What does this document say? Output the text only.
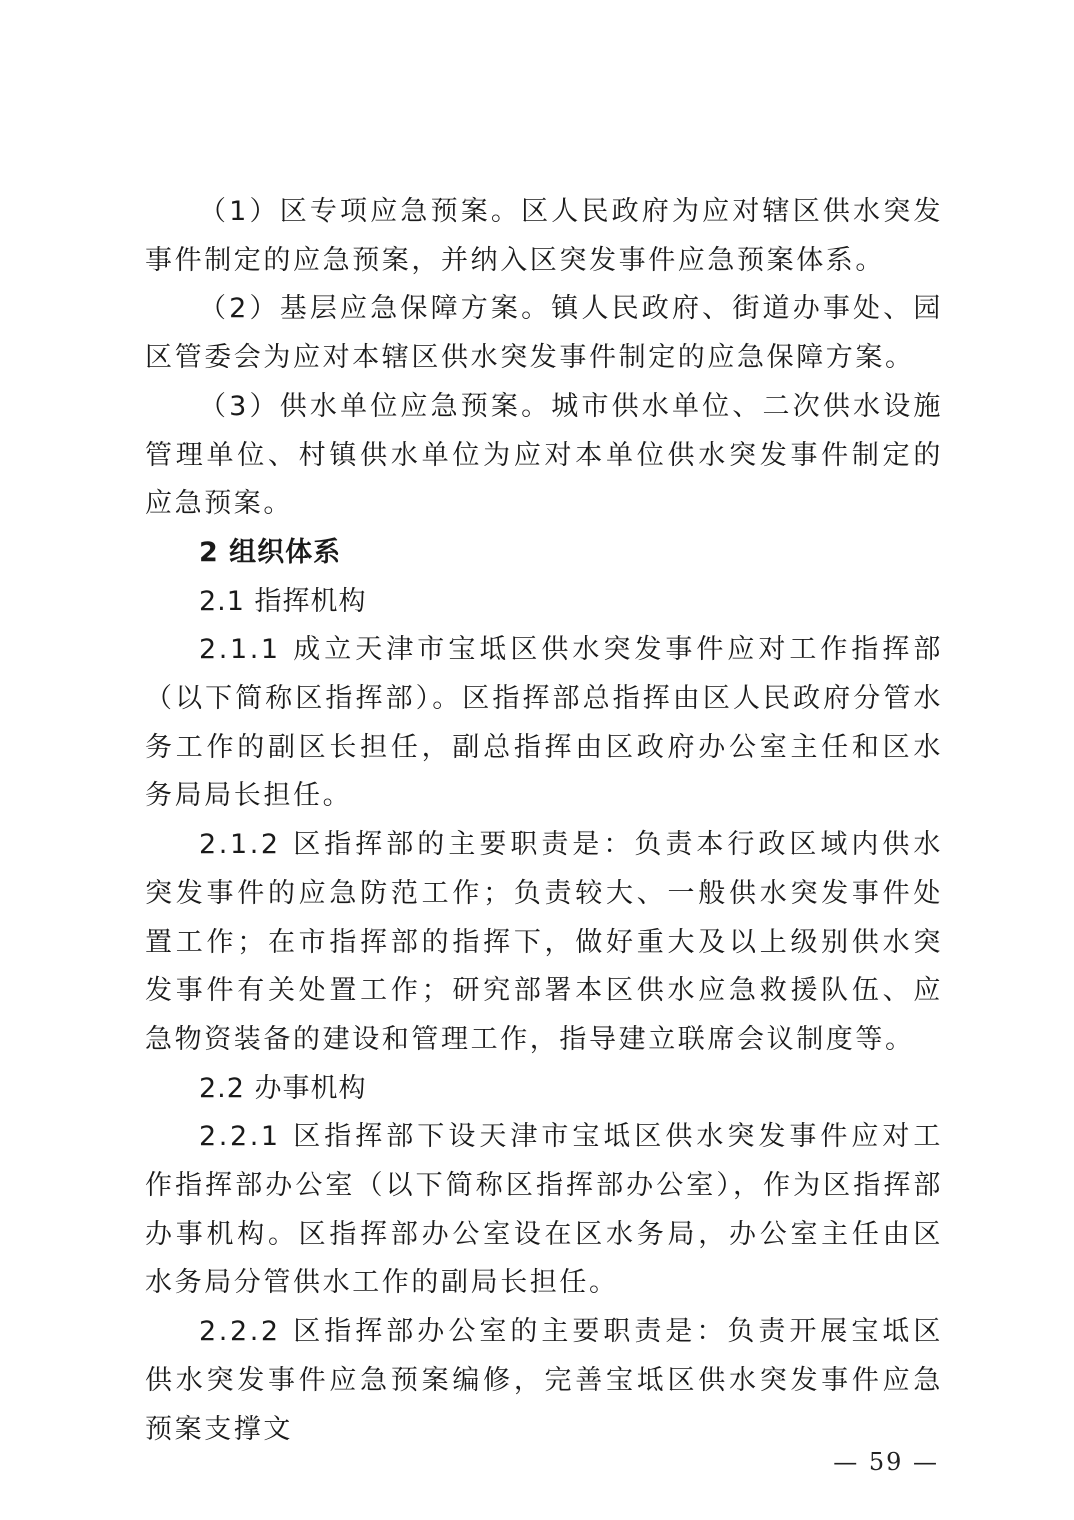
（1）区专项应急预案。区人民政府为应对辖区供水突发事件制定的应急预案，并纳入区突发事件应急预案体系。

（2）基层应急保障方案。镇人民政府、街道办事处、园区管委会为应对本辖区供水突发事件制定的应急保障方案。

（3）供水单位应急预案。城市供水单位、二次供水设施管理单位、村镇供水单位为应对本单位供水突发事件制定的应急预案。

2 组织体系

2.1 指挥机构

2.1.1 成立天津市宝坻区供水突发事件应对工作指挥部（以下简称区指挥部）。区指挥部总指挥由区人民政府分管水务工作的副区长担任，副总指挥由区政府办公室主任和区水务局局长担任。

2.1.2 区指挥部的主要职责是：负责本行政区域内供水突发事件的应急防范工作；负责较大、一般供水突发事件处置工作；在市指挥部的指挥下，做好重大及以上级别供水突发事件有关处置工作；研究部署本区供水应急救援队伍、应急物资装备的建设和管理工作，指导建立联席会议制度等。

2.2 办事机构

2.2.1 区指挥部下设天津市宝坻区供水突发事件应对工作指挥部办公室（以下简称区指挥部办公室），作为区指挥部办事机构。区指挥部办公室设在区水务局，办公室主任由区水务局分管供水工作的副局长担任。

2.2.2 区指挥部办公室的主要职责是：负责开展宝坻区供水突发事件应急预案编修，完善宝坻区供水突发事件应急预案支撑文

— 59 —
